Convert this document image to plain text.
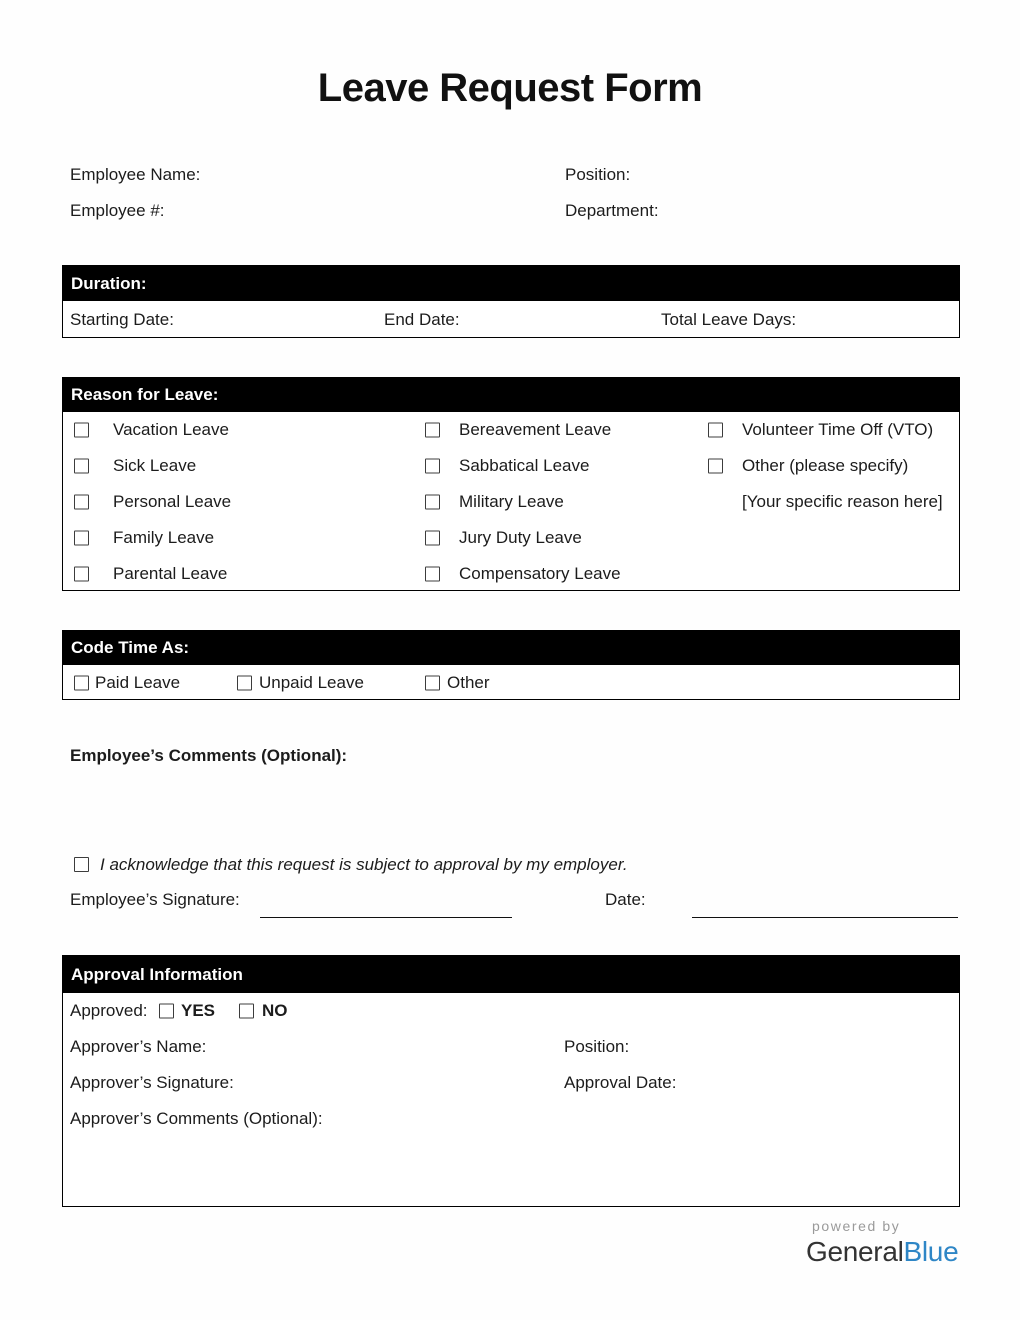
Leave Request Form
Employee Name:	Position:
Employee #:	Department:
Duration:
Starting Date:	End Date:	Total Leave Days:
Reason for Leave:
Vacation Leave	Bereavement Leave	Volunteer Time Off (VTO)
Sick Leave	Sabbatical Leave	Other (please specify)
Personal Leave	Military Leave	[Your specific reason here]
Family Leave	Jury Duty Leave
Parental Leave	Compensatory Leave
Code Time As:
Paid Leave	Unpaid Leave	Other
Employee’s Comments (Optional):
I acknowledge that this request is subject to approval by my employer.
Employee’s Signature:	Date:
Approval Information
Approved: YES	NO
Approver’s Name:	Position:
Approver’s Signature:	Approval Date:
Approver’s Comments (Optional):
powered by
GeneralBlue
